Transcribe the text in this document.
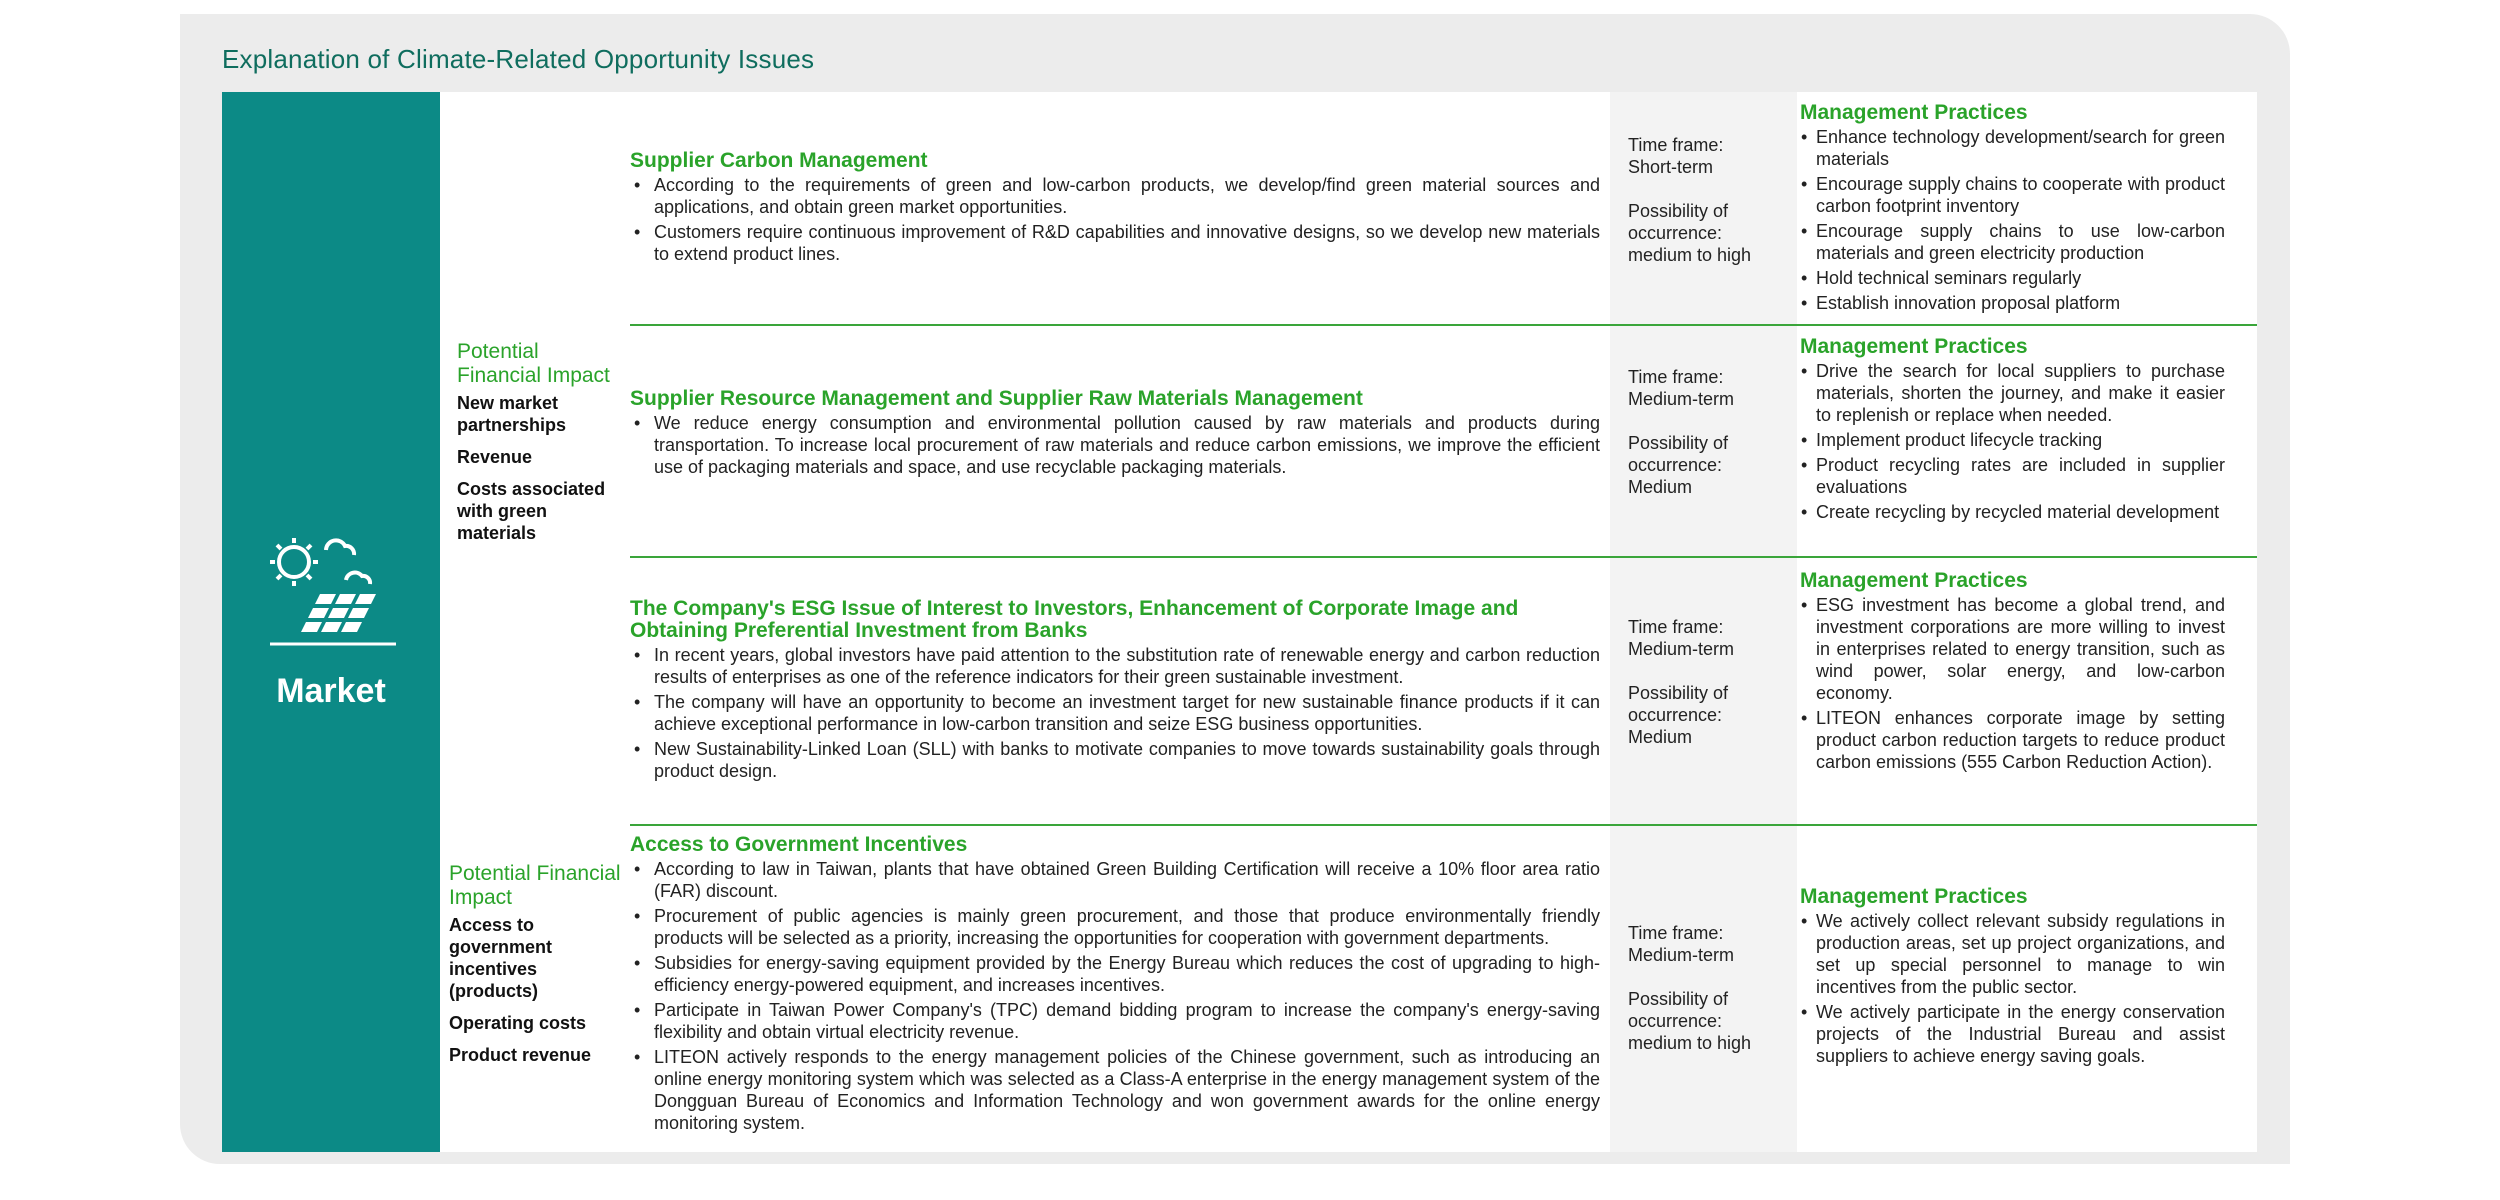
Explanation of Climate-Related Opportunity Issues
Market
Potential Financial Impact
New market partnerships
Revenue
Costs associated with green materials
Potential Financial Impact
Access to government incentives (products)
Operating costs
Product revenue
Supplier Carbon Management
• According to the requirements of green and low-carbon products, we develop/find green material sources and applications, and obtain green market opportunities.
• Customers require continuous improvement of R&D capabilities and innovative designs, so we develop new materials to extend product lines.
Time frame:
Short-term
Possibility of occurrence:
medium to high
Management Practices
• Enhance technology development/search for green materials
• Encourage supply chains to cooperate with product carbon footprint inventory
• Encourage supply chains to use low-carbon materials and green electricity production
• Hold technical seminars regularly
• Establish innovation proposal platform
Supplier Resource Management and Supplier Raw Materials Management
• We reduce energy consumption and environmental pollution caused by raw materials and products during transportation. To increase local procurement of raw materials and reduce carbon emissions, we improve the efficient use of packaging materials and space, and use recyclable packaging materials.
Time frame:
Medium-term
Possibility of occurrence:
Medium
Management Practices
• Drive the search for local suppliers to purchase materials, shorten the journey, and make it easier to replenish or replace when needed.
• Implement product lifecycle tracking
• Product recycling rates are included in supplier evaluations
• Create recycling by recycled material development
The Company's ESG Issue of Interest to Investors, Enhancement of Corporate Image and Obtaining Preferential Investment from Banks
• In recent years, global investors have paid attention to the substitution rate of renewable energy and carbon reduction results of enterprises as one of the reference indicators for their green sustainable investment.
• The company will have an opportunity to become an investment target for new sustainable finance products if it can achieve exceptional performance in low-carbon transition and seize ESG business opportunities.
• New Sustainability-Linked Loan (SLL) with banks to motivate companies to move towards sustainability goals through product design.
Time frame:
Medium-term
Possibility of occurrence:
Medium
Management Practices
• ESG investment has become a global trend, and investment corporations are more willing to invest in enterprises related to energy transition, such as wind power, solar energy, and low-carbon economy.
• LITEON enhances corporate image by setting product carbon reduction targets to reduce product carbon emissions (555 Carbon Reduction Action).
Access to Government Incentives
• According to law in Taiwan, plants that have obtained Green Building Certification will receive a 10% floor area ratio (FAR) discount.
• Procurement of public agencies is mainly green procurement, and those that produce environmentally friendly products will be selected as a priority, increasing the opportunities for cooperation with government departments.
• Subsidies for energy-saving equipment provided by the Energy Bureau which reduces the cost of upgrading to high-efficiency energy-powered equipment, and increases incentives.
• Participate in Taiwan Power Company's (TPC) demand bidding program to increase the company's energy-saving flexibility and obtain virtual electricity revenue.
• LITEON actively responds to the energy management policies of the Chinese government, such as introducing an online energy monitoring system which was selected as a Class-A enterprise in the energy management system of the Dongguan Bureau of Economics and Information Technology and won government awards for the online energy monitoring system.
Time frame:
Medium-term
Possibility of occurrence:
medium to high
Management Practices
• We actively collect relevant subsidy regulations in production areas, set up project organizations, and set up special personnel to manage to win incentives from the public sector.
• We actively participate in the energy conservation projects of the Industrial Bureau and assist suppliers to achieve energy saving goals.
